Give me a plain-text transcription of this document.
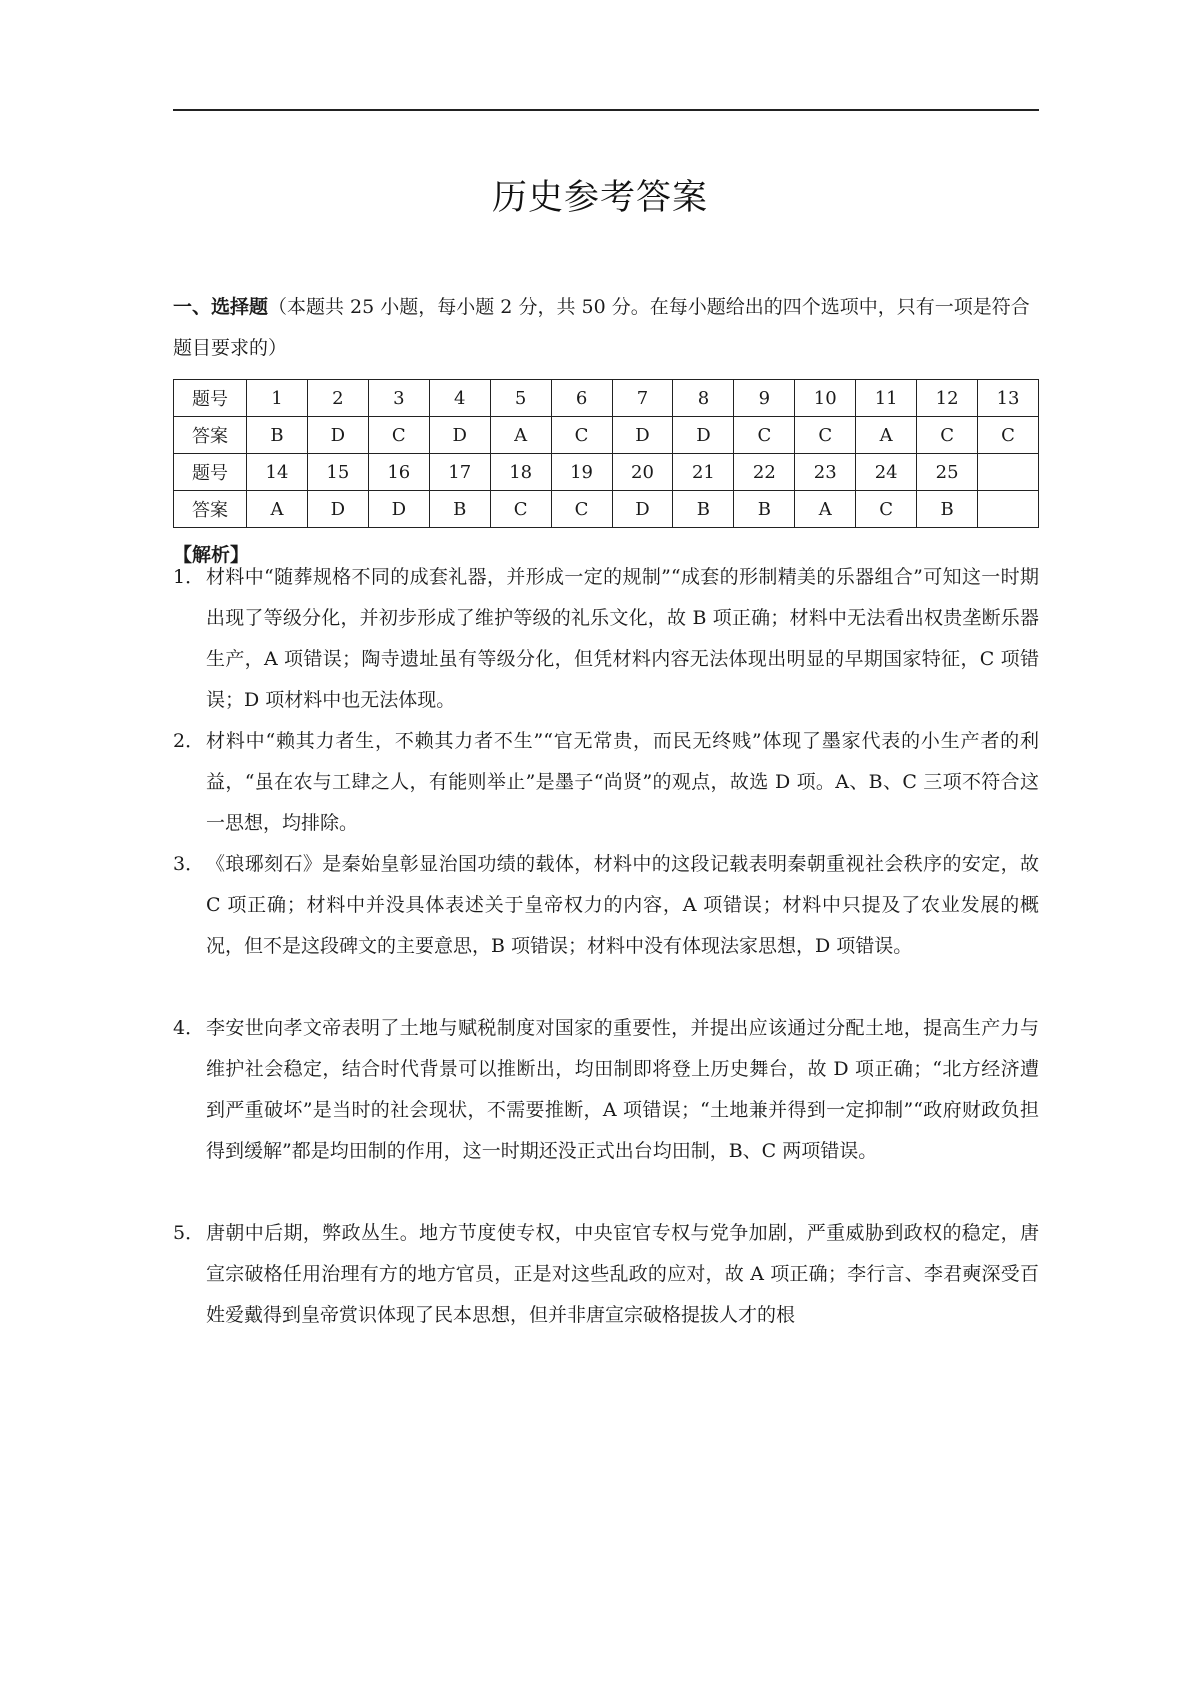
历史参考答案
一、选择题（本题共 25 小题，每小题 2 分，共 50 分。在每小题给出的四个选项中，只有一项是符合题目要求的）
题号	1	2	3	4	5	6	7	8	9	10	11	12	13
答案	B	D	C	D	A	C	D	D	C	C	A	C	C
题号	14	15	16	17	18	19	20	21	22	23	24	25	
答案	A	D	D	B	C	C	D	B	B	A	C	B	
【解析】
1． 材料中“随葬规格不同的成套礼器，并形成一定的规制”“成套的形制精美的乐器组合”可知这一时期出现了等级分化，并初步形成了维护等级的礼乐文化，故 B 项正确；材料中无法看出权贵垄断乐器生产，A 项错误；陶寺遗址虽有等级分化，但凭材料内容无法体现出明显的早期国家特征，C 项错误；D 项材料中也无法体现。
2． 材料中“赖其力者生，不赖其力者不生”“官无常贵，而民无终贱”体现了墨家代表的小生产者的利益，“虽在农与工肆之人，有能则举止”是墨子“尚贤”的观点，故选 D 项。A、B、C 三项不符合这一思想，均排除。
3． 《琅琊刻石》是秦始皇彰显治国功绩的载体，材料中的这段记载表明秦朝重视社会秩序的安定，故 C 项正确；材料中并没具体表述关于皇帝权力的内容，A 项错误；材料中只提及了农业发展的概况，但不是这段碑文的主要意思，B 项错误；材料中没有体现法家思想，D 项错误。
4． 李安世向孝文帝表明了土地与赋税制度对国家的重要性，并提出应该通过分配土地，提高生产力与维护社会稳定，结合时代背景可以推断出，均田制即将登上历史舞台，故 D 项正确；“北方经济遭到严重破坏”是当时的社会现状，不需要推断，A 项错误；“土地兼并得到一定抑制”“政府财政负担得到缓解”都是均田制的作用，这一时期还没正式出台均田制，B、C 两项错误。
5． 唐朝中后期，弊政丛生。地方节度使专权，中央宦官专权与党争加剧，严重威胁到政权的稳定，唐宣宗破格任用治理有方的地方官员，正是对这些乱政的应对，故 A 项正确；李行言、李君奭深受百姓爱戴得到皇帝赏识体现了民本思想，但并非唐宣宗破格提拔人才的根
